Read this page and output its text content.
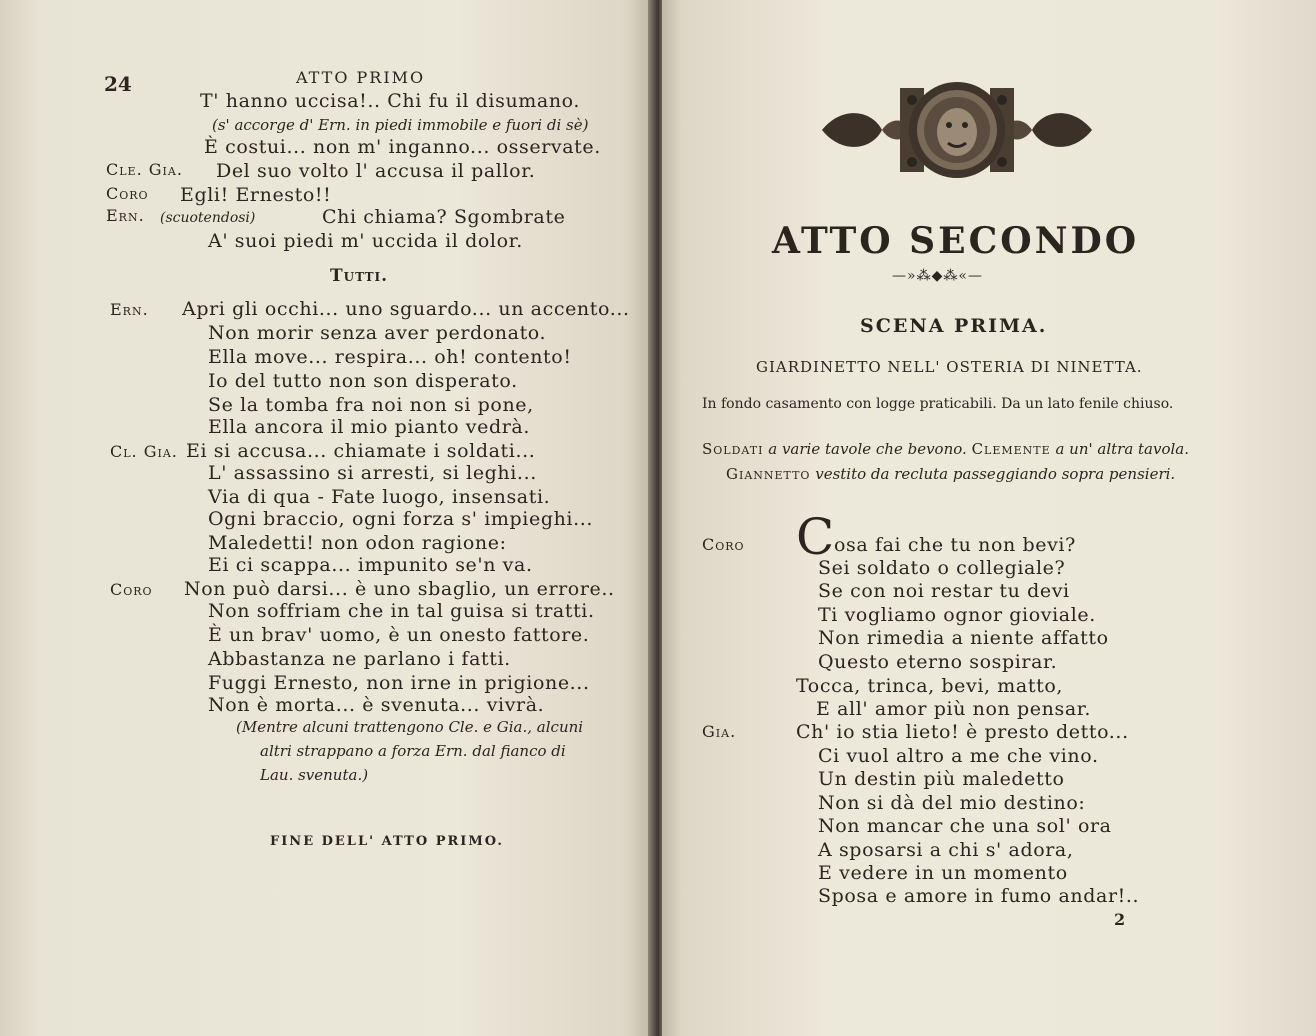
24	ATTO PRIMO
Tutti.
(Mentre alcuni trattengono Cle. e Gia., alcuni
altri strappano a forza Ern. dal fianco di
Lau. svenuta.)
FINE DELL' ATTO PRIMO.
T' hanno uccisa!.. Chi fu il disumano.
(s' accorge d' Ern. in piedi immobile e fuori di sè)
È costui... non m' inganno... osservate.
Cle. Gia. Del suo volto l' accusa il pallor.
Coro Egli! Ernesto!!
Ern. (scuotendosi)	Chi chiama? Sgombrate
A' suoi piedi m' uccida il dolor.
Ern. Apri gli occhi... uno sguardo... un accento...
Non morir senza aver perdonato.
Ella move... respira... oh! contento!
Io del tutto non son disperato.
Se la tomba fra noi non si pone,
Ella ancora il mio pianto vedrà.
Cl. Gia. Ei si accusa... chiamate i soldati...
L' assassino si arresti, si leghi...
Via di qua - Fate luogo, insensati.
Ogni braccio, ogni forza s' impieghi...
Maledetti! non odon ragione:
Ei ci scappa... impunito se'n va.
Coro Non può darsi... è uno sbaglio, un errore..
Non soffriam che in tal guisa si tratti.
È un brav' uomo, è un onesto fattore.
Abbastanza ne parlano i fatti.
Fuggi Ernesto, non irne in prigione...
Non è morta... è svenuta... vivrà.
ATTO SECONDO
—»⁂◆⁂«—
SCENA PRIMA.
GIARDINETTO NELL' OSTERIA DI NINETTA.
In fondo casamento con logge praticabili. Da un lato fenile chiuso.
Soldati a varie tavole che bevono. Clemente a un' altra tavola.
Giannetto vestito da recluta passeggiando sopra pensieri.
Coro C osa fai che tu non bevi?
Gia.
2
Sei soldato o collegiale?
Se con noi restar tu devi
Ti vogliamo ognor gioviale.
Non rimedia a niente affatto
Questo eterno sospirar.
Tocca, trinca, bevi, matto,
E all' amor più non pensar.
Ch' io stia lieto! è presto detto...
Ci vuol altro a me che vino.
Un destin più maledetto
Non si dà del mio destino:
Non mancar che una sol' ora
A sposarsi a chi s' adora,
E vedere in un momento
Sposa e amore in fumo andar!..
